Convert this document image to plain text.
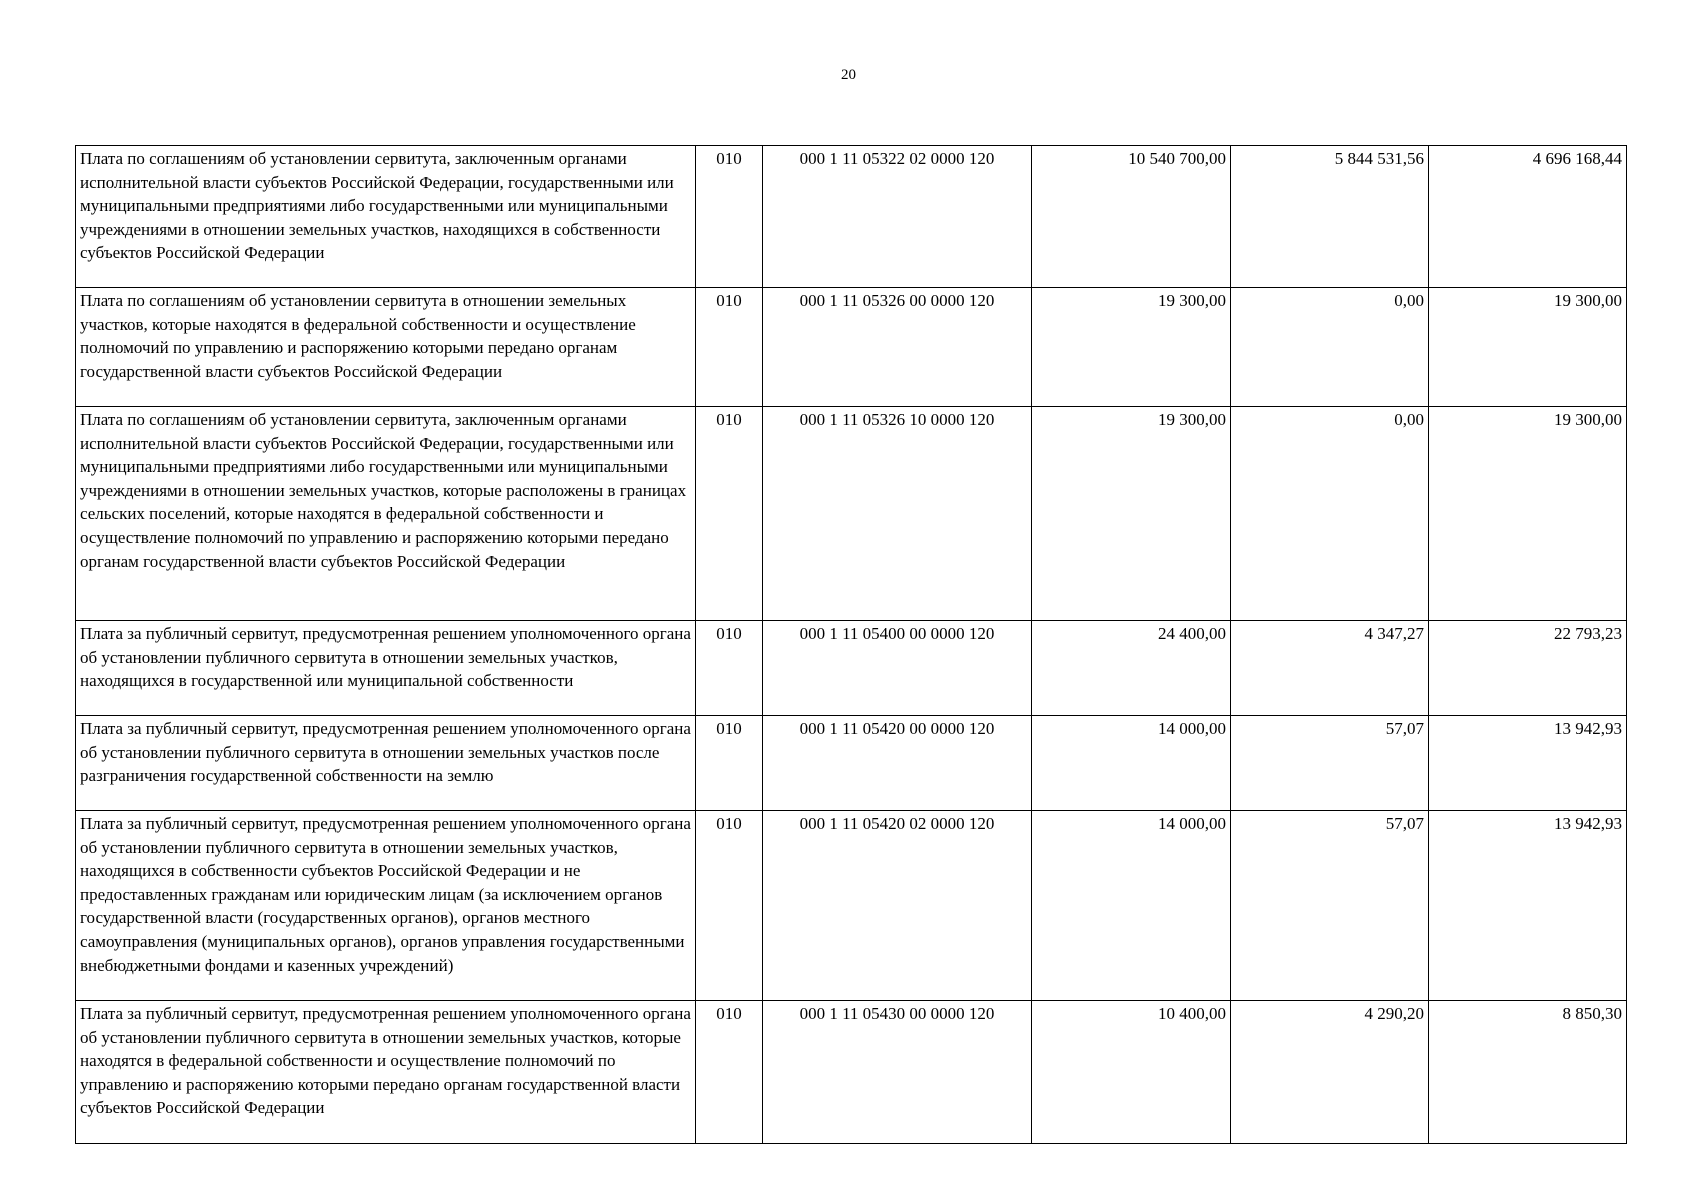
20
Плата по соглашениям об установлении сервитута, заключенным органами исполнительной власти субъектов Российской Федерации, государственными или муниципальными предприятиями либо государственными или муниципальными учреждениями в отношении земельных участков, находящихся в собственности субъектов Российской Федерации	010	000 1 11 05322 02 0000 120	10 540 700,00	5 844 531,56	4 696 168,44
Плата по соглашениям об установлении сервитута в отношении земельных участков, которые находятся в федеральной собственности и осуществление полномочий по управлению и распоряжению которыми передано органам государственной власти субъектов Российской Федерации	010	000 1 11 05326 00 0000 120	19 300,00	0,00	19 300,00
Плата по соглашениям об установлении сервитута, заключенным органами исполнительной власти субъектов Российской Федерации, государственными или муниципальными предприятиями либо государственными или муниципальными учреждениями в отношении земельных участков, которые расположены в границах сельских поселений, которые находятся в федеральной собственности и осуществление полномочий по управлению и распоряжению которыми передано органам государственной власти субъектов Российской Федерации	010	000 1 11 05326 10 0000 120	19 300,00	0,00	19 300,00
Плата за публичный сервитут, предусмотренная решением уполномоченного органа об установлении публичного сервитута в отношении земельных участков, находящихся в государственной или муниципальной собственности	010	000 1 11 05400 00 0000 120	24 400,00	4 347,27	22 793,23
Плата за публичный сервитут, предусмотренная решением уполномоченного органа об установлении публичного сервитута в отношении земельных участков после разграничения государственной собственности на землю	010	000 1 11 05420 00 0000 120	14 000,00	57,07	13 942,93
Плата за публичный сервитут, предусмотренная решением уполномоченного органа об установлении публичного сервитута в отношении земельных участков, находящихся в собственности субъектов Российской Федерации и не предоставленных гражданам или юридическим лицам (за исключением органов государственной власти (государственных органов), органов местного самоуправления (муниципальных органов), органов управления государственными внебюджетными фондами и казенных учреждений)	010	000 1 11 05420 02 0000 120	14 000,00	57,07	13 942,93
Плата за публичный сервитут, предусмотренная решением уполномоченного органа об установлении публичного сервитута в отношении земельных участков, которые находятся в федеральной собственности и осуществление полномочий по управлению и распоряжению которыми передано органам государственной власти субъектов Российской Федерации	010	000 1 11 05430 00 0000 120	10 400,00	4 290,20	8 850,30
